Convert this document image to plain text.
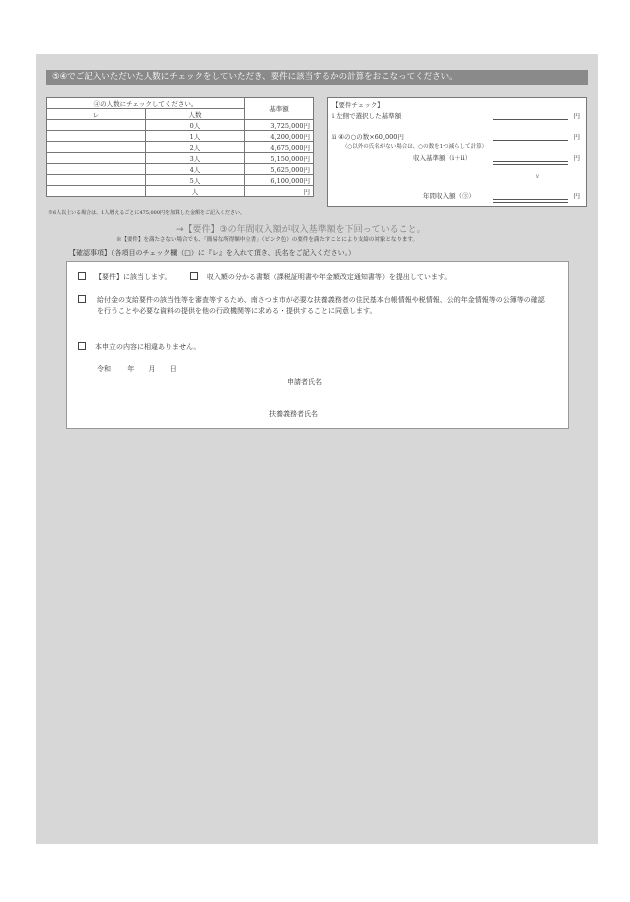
⑤④でご記入いただいた人数にチェックをしていただき、要件に該当するかの計算をおこなってください。
④の人数にチェックしてください。		基準額
レ	人数	
	0人	3,725,000円
	1人	4,200,000円
	2人	4,675,000円
	3人	5,150,000円
	4人	5,625,000円
	5人	6,100,000円
	人	円
※6人以上いる場合は、1人増えるごとに475,000円を加算した金額をご記入ください。
【要件チェック】
i 左側で選択した基準額	円
ii ④の○の数×60,000円	円
（○以外の氏名がない場合は、○の数を1つ減らして計算）
収入基準額（i＋ii）	円
∨
年間収入額（③）	円
→【要件】③の年間収入額が収入基準額を下回っていること。
※【要件】を満たさない場合でも、「簡易な所得額申立書」（ピンク色）の要件を満たすことにより支給の対象となります。
【確認事項】（各項目のチェック欄（□）に『レ』を入れて頂き、氏名をご記入ください。）
【要件】に該当します。	収入額の分かる書類（課税証明書や年金額改定通知書等）を提出しています。
給付金の支給要件の該当性等を審査等するため、南さつま市が必要な扶養義務者の住民基本台帳情報や税情報、公的年金情報等の公簿等の確認を行うことや必要な資料の提供を他の行政機関等に求める・提供することに同意します。
本申立の内容に相違ありません。
令和 年 月 日
申請者氏名
扶養義務者氏名
